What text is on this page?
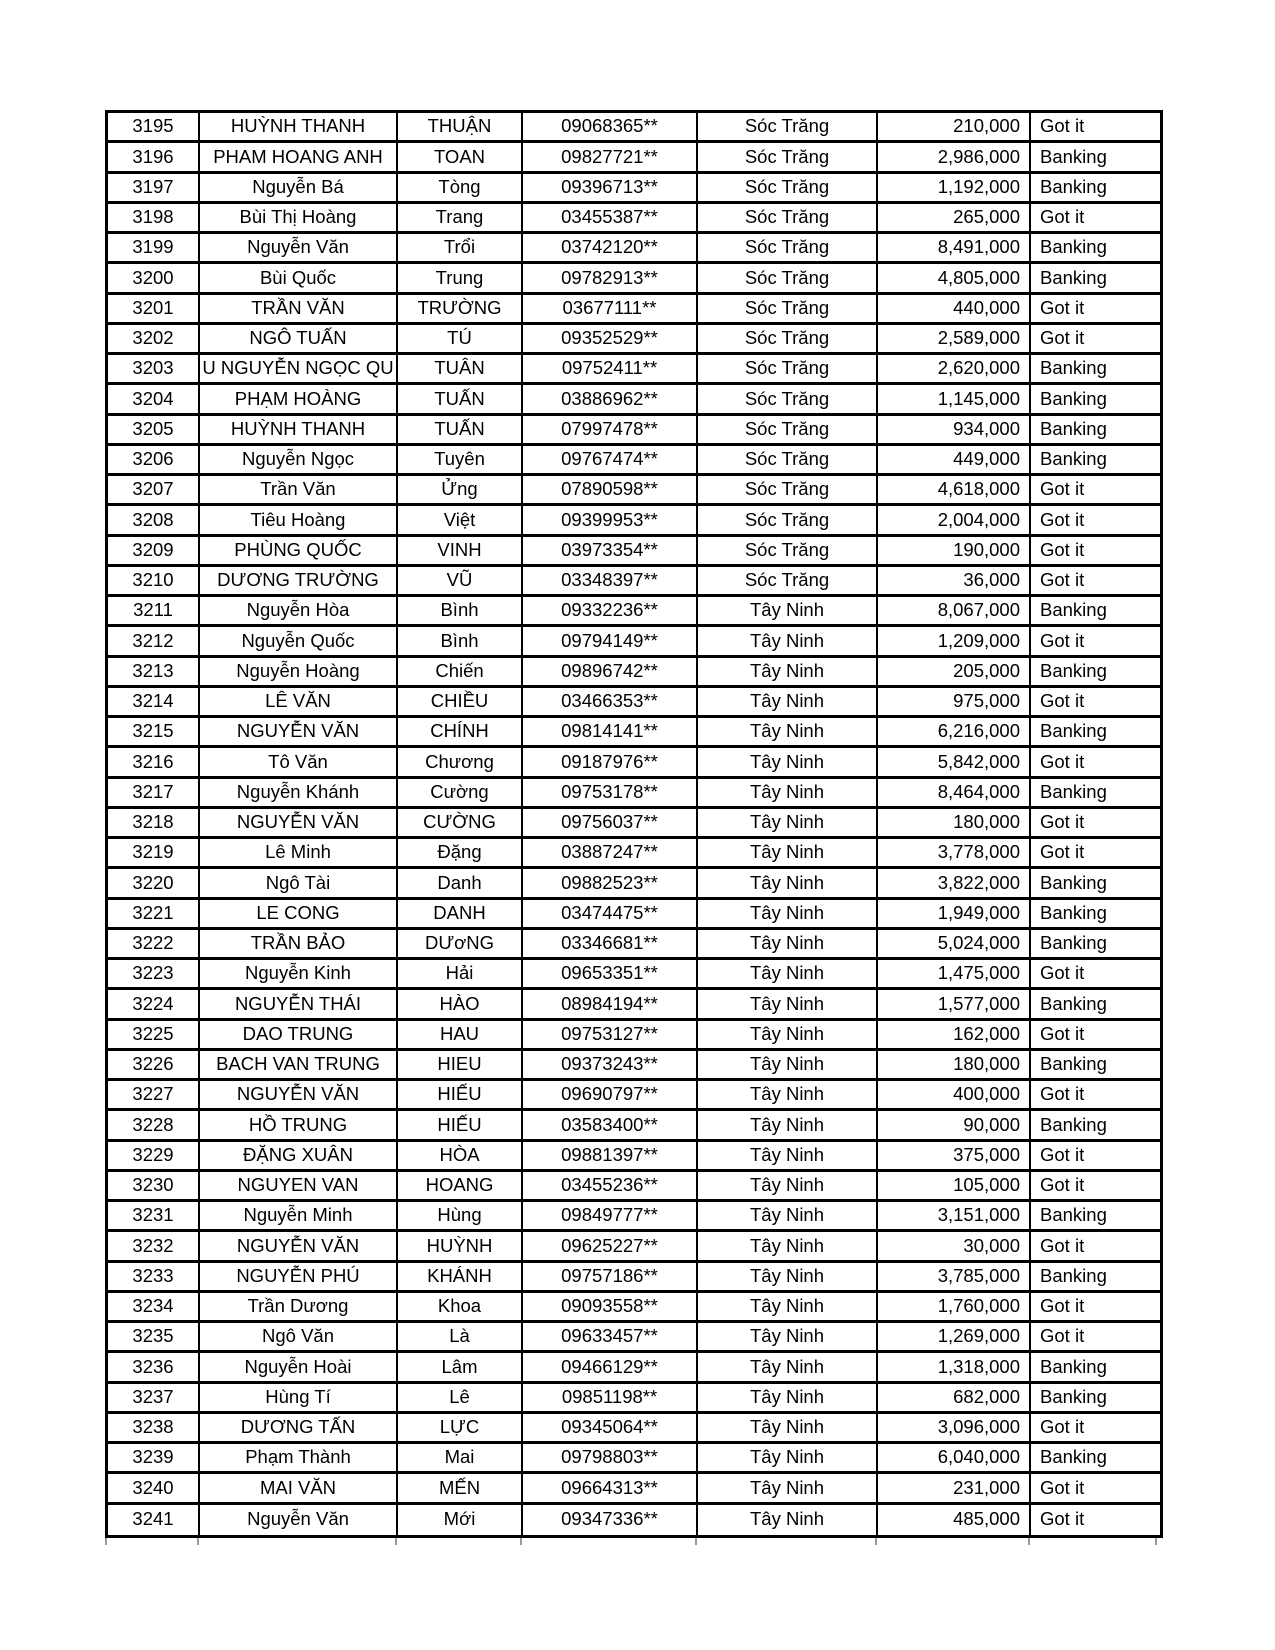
3195	HUỲNH THANH	THUẬN	09068365**	Sóc Trăng	210,000	Got it
3196	PHAM HOANG ANH	TOAN	09827721**	Sóc Trăng	2,986,000	Banking
3197	Nguyễn Bá	Tòng	09396713**	Sóc Trăng	1,192,000	Banking
3198	Bùi Thị Hoàng	Trang	03455387**	Sóc Trăng	265,000	Got it
3199	Nguyễn Văn	Trổi	03742120**	Sóc Trăng	8,491,000	Banking
3200	Bùi Quốc	Trung	09782913**	Sóc Trăng	4,805,000	Banking
3201	TRẦN VĂN	TRƯỜNG	03677111**	Sóc Trăng	440,000	Got it
3202	NGÔ TUẤN	TÚ	09352529**	Sóc Trăng	2,589,000	Got it
3203	U NGUYỄN NGỌC QU	TUÂN	09752411**	Sóc Trăng	2,620,000	Banking
3204	PHẠM HOÀNG	TUẤN	03886962**	Sóc Trăng	1,145,000	Banking
3205	HUỲNH THANH	TUẤN	07997478**	Sóc Trăng	934,000	Banking
3206	Nguyễn Ngọc	Tuyên	09767474**	Sóc Trăng	449,000	Banking
3207	Trần Văn	Ửng	07890598**	Sóc Trăng	4,618,000	Got it
3208	Tiêu Hoàng	Việt	09399953**	Sóc Trăng	2,004,000	Got it
3209	PHÙNG QUỐC	VINH	03973354**	Sóc Trăng	190,000	Got it
3210	DƯƠNG TRƯỜNG	VŨ	03348397**	Sóc Trăng	36,000	Got it
3211	Nguyễn Hòa	Bình	09332236**	Tây Ninh	8,067,000	Banking
3212	Nguyễn Quốc	Bình	09794149**	Tây Ninh	1,209,000	Got it
3213	Nguyễn Hoàng	Chiến	09896742**	Tây Ninh	205,000	Banking
3214	LÊ VĂN	CHIỀU	03466353**	Tây Ninh	975,000	Got it
3215	NGUYỄN VĂN	CHÍNH	09814141**	Tây Ninh	6,216,000	Banking
3216	Tô Văn	Chương	09187976**	Tây Ninh	5,842,000	Got it
3217	Nguyễn Khánh	Cường	09753178**	Tây Ninh	8,464,000	Banking
3218	NGUYỄN VĂN	CƯỜNG	09756037**	Tây Ninh	180,000	Got it
3219	Lê Minh	Đặng	03887247**	Tây Ninh	3,778,000	Got it
3220	Ngô Tài	Danh	09882523**	Tây Ninh	3,822,000	Banking
3221	LE CONG	DANH	03474475**	Tây Ninh	1,949,000	Banking
3222	TRẦN BẢO	DƯơNG	03346681**	Tây Ninh	5,024,000	Banking
3223	Nguyễn Kinh	Hải	09653351**	Tây Ninh	1,475,000	Got it
3224	NGUYỄN THÁI	HÀO	08984194**	Tây Ninh	1,577,000	Banking
3225	DAO TRUNG	HAU	09753127**	Tây Ninh	162,000	Got it
3226	BACH VAN TRUNG	HIEU	09373243**	Tây Ninh	180,000	Banking
3227	NGUYỄN VĂN	HIẾU	09690797**	Tây Ninh	400,000	Got it
3228	HỒ TRUNG	HIẾU	03583400**	Tây Ninh	90,000	Banking
3229	ĐẶNG XUÂN	HÒA	09881397**	Tây Ninh	375,000	Got it
3230	NGUYEN VAN	HOANG	03455236**	Tây Ninh	105,000	Got it
3231	Nguyễn Minh	Hùng	09849777**	Tây Ninh	3,151,000	Banking
3232	NGUYỄN VĂN	HUỲNH	09625227**	Tây Ninh	30,000	Got it
3233	NGUYỄN PHÚ	KHÁNH	09757186**	Tây Ninh	3,785,000	Banking
3234	Trần Dương	Khoa	09093558**	Tây Ninh	1,760,000	Got it
3235	Ngô Văn	Là	09633457**	Tây Ninh	1,269,000	Got it
3236	Nguyễn Hoài	Lâm	09466129**	Tây Ninh	1,318,000	Banking
3237	Hùng Tí	Lê	09851198**	Tây Ninh	682,000	Banking
3238	DƯƠNG TẤN	LỰC	09345064**	Tây Ninh	3,096,000	Got it
3239	Phạm Thành	Mai	09798803**	Tây Ninh	6,040,000	Banking
3240	MAI VĂN	MẾN	09664313**	Tây Ninh	231,000	Got it
3241	Nguyễn Văn	Mới	09347336**	Tây Ninh	485,000	Got it
